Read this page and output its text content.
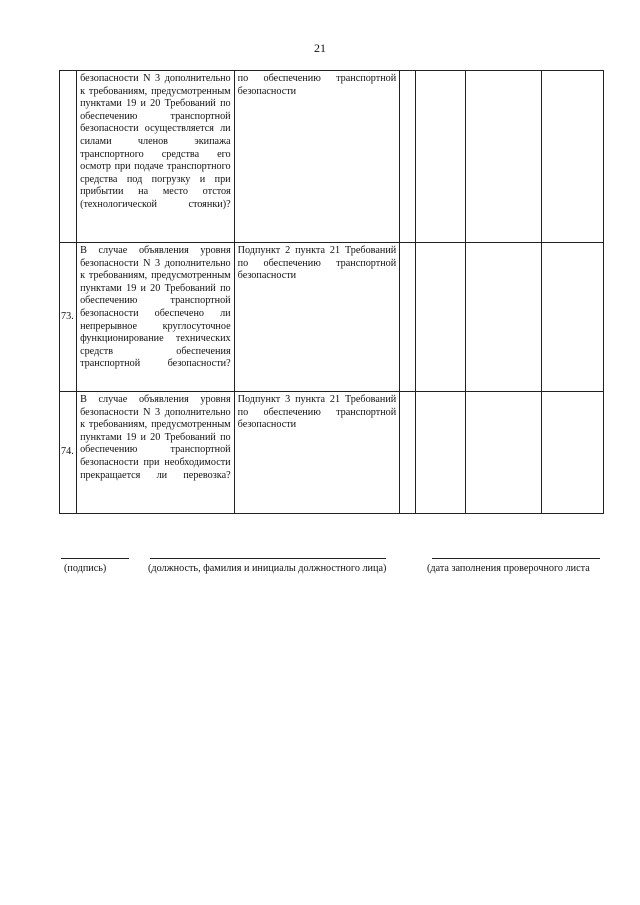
21

	безопасности N 3 дополнительно к требованиям, предусмотренным пунктами 19 и 20 Требований по обеспечению транспортной безопасности осуществляется ли силами членов экипажа транспортного средства его осмотр при подаче транспортного средства под погрузку и при прибытии на место отстоя (технологической стоянки)?	по обеспечению транспортной безопасности				
73.	В случае объявления уровня безопасности N 3 дополнительно к требованиям, предусмотренным пунктами 19 и 20 Требований по обеспечению транспортной безопасности обеспечено ли непрерывное круглосуточное функционирование технических средств обеспечения транспортной безопасности?	Подпункт 2 пункта 21 Требований по обеспечению транспортной безопасности				
74.	В случае объявления уровня безопасности N 3 дополнительно к требованиям, предусмотренным пунктами 19 и 20 Требований по обеспечению транспортной безопасности при необходимости прекращается ли перевозка?	Подпункт 3 пункта 21 Требований по обеспечению транспортной безопасности				
(подпись)	(должность, фамилия и инициалы должностного лица)	(дата заполнения проверочного листа
